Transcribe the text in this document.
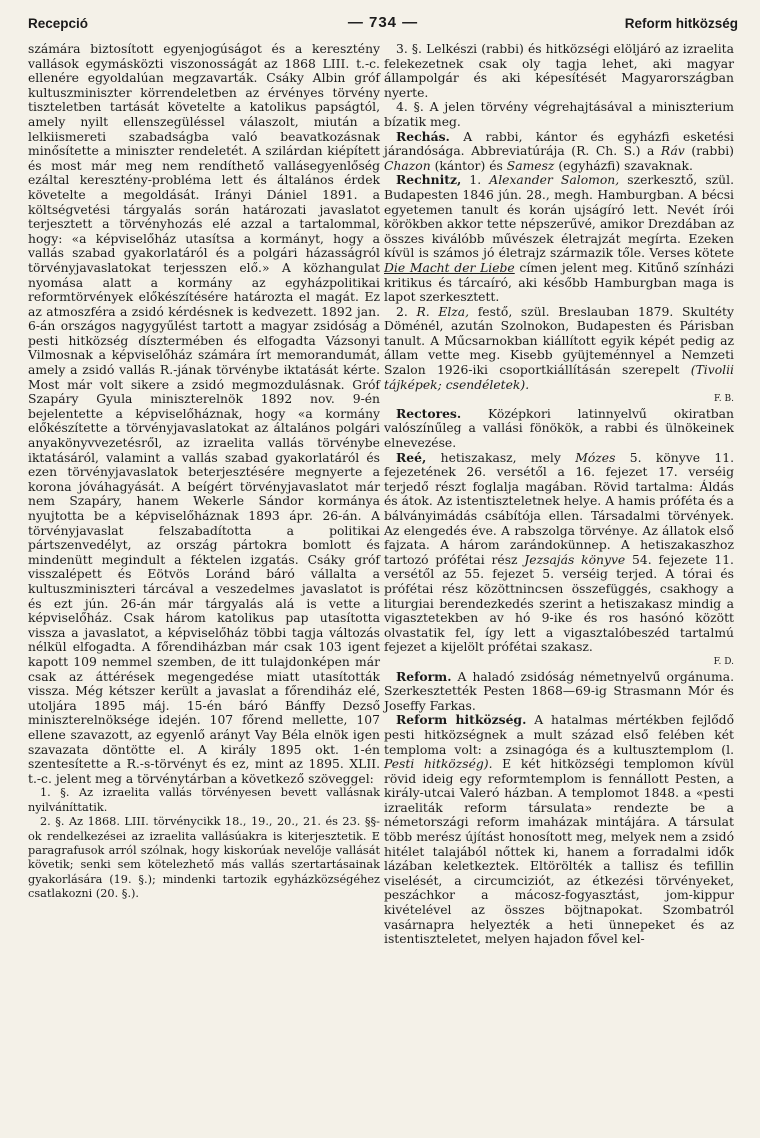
Recepció	— 734 —	Reform hitközség

számára biztosított egyenjogúságot és a keresztény vallások egymásközti viszonosságát az 1868 LIII. t.-c. ellenére egyoldalúan megzavarták. Csáky Albin gróf kultuszminiszter körrendeletben az érvényes törvény tiszteletben tartását követelte a katolikus papságtól, amely nyilt ellenszegüléssel válaszolt, miután a lelkiismereti szabadságba való beavatkozásnak minősítette a miniszter rendeletét. A szilárdan kiépített és most már meg nem rendíthető vallásegyenlőség ezáltal keresztény-probléma lett és általános érdek követelte a megoldását. Irányi Dániel 1891. a költségvetési tárgyalás során határozati javaslatot terjesztett a törvényhozás elé azzal a tartalommal, hogy: «a képviselőház utasítsa a kormányt, hogy a vallás szabad gyakorlatáról és a polgári házasságról törvényjavaslatokat terjesszen elő.» A közhangulat nyomása alatt a kormány az egyházpolitikai reformtörvények előkészítésére határozta el magát. Ez az atmoszféra a zsidó kérdésnek is kedvezett. 1892 jan. 6-án országos nagygyűlést tartott a magyar zsidóság a pesti hitközség dísztermében és elfogadta Vázsonyi Vilmosnak a képviselőház számára írt memorandumát, amely a zsidó vallás R.-jának törvénybe iktatását kérte. Most már volt sikere a zsidó megmozdulásnak. Gróf Szapáry Gyula miniszterelnök 1892 nov. 9-én bejelentette a képviselőháznak, hogy «a kormány előkészítette a törvényjavaslatokat az általános polgári anyakönyvvezetésről, az izraelita vallás törvénybe iktatásáról, valamint a vallás szabad gyakorlatáról és ezen törvényjavaslatok beterjesztésére megnyerte a korona jóváhagyását. A beígért törvényjavaslatot már nem Szapáry, hanem Wekerle Sándor kormánya nyujtotta be a képviselőháznak 1893 ápr. 26-án. A törvényjavaslat felszabadította a politikai pártszenvedélyt, az ország pártokra bomlott és mindenütt megindult a féktelen izgatás. Csáky gróf visszalépett és Eötvös Loránd báró vállalta a kultuszminiszteri tárcával a veszedelmes javaslatot is és ezt jún. 26-án már tárgyalás alá is vette a képviselőház. Csak három katolikus pap utasította vissza a javaslatot, a képviselőház többi tagja változás nélkül elfogadta. A főrendiházban már csak 103 igent kapott 109 nemmel szemben, de itt tulajdonképen már csak az áttérések megengedése miatt utasították vissza. Még kétszer került a javaslat a főrendiház elé, utoljára 1895 máj. 15-én báró Bánffy Dezső miniszterelnöksége idején. 107 főrend mellette, 107 ellene szavazott, az egyenlő arányt Vay Béla elnök igen szavazata döntötte el. A király 1895 okt. 1-én szentesítette a R.-s-törvényt és ez, mint az 1895. XLII. t.-c. jelent meg a törvénytárban a következő szöveggel:

1. §. Az izraelita vallás törvényesen bevett vallásnak nyilváníttatik.

2. §. Az 1868. LIII. törvénycikk 18., 19., 20., 21. és 23. §§-ok rendelkezései az izraelita vallásúakra is kiterjesztetik. E paragrafusok arról szólnak, hogy kiskorúak nevelője vallását követik; senki sem kötelezhető más vallás szertartásainak gyakorlására (19. §.); mindenki tartozik egyházközségéhez csatlakozni (20. §.).

3. §. Lelkészi (rabbi) és hitközségi elöljáró az izraelita felekezetnek csak oly tagja lehet, aki magyar állampolgár és aki képesítését Magyarországban nyerte.

4. §. A jelen törvény végrehajtásával a miniszterium bízatik meg.

Rechás. A rabbi, kántor és egyházfi esketési járandósága. Abbreviatúrája (R. Ch. S.) a Ráv (rabbi) Chazon (kántor) és Samesz (egyházfi) szavaknak.

Rechnitz, 1. Alexander Salomon, szerkesztő, szül. Budapesten 1846 jún. 28., megh. Hamburgban. A bécsi egyetemen tanult és korán ujságíró lett. Nevét írói körökben akkor tette népszerűvé, amikor Drezdában az összes kiválóbb művészek életrajzát megírta. Ezeken kívül is számos jó életrajz származik tőle. Verses kötete Die Macht der Liebe címen jelent meg. Kitűnő színházi kritikus és tárcaíró, aki később Hamburgban maga is lapot szerkesztett.

2. R. Elza, festő, szül. Breslauban 1879. Skultéty Döménél, azután Szolnokon, Budapesten és Párisban tanult. A Műcsarnokban kiállított egyik képét pedig az állam vette meg. Kisebb gyüjteménnyel a Nemzeti Szalon 1926-iki csoportkiállításán szerepelt (Tivolii tájképek; csendéletek).

F. B.

Rectores. Középkori latinnyelvű okiratban valószínűleg a vallási fönökök, a rabbi és ülnökeinek elnevezése.

Reé, hetiszakasz, mely Mózes 5. könyve 11. fejezetének 26. versétől a 16. fejezet 17. verséig terjedő részt foglalja magában. Rövid tartalma: Áldás és átok. Az istentiszteletnek helye. A hamis próféta és a bálványimádás csábítója ellen. Társadalmi törvények. Az elengedés éve. A rabszolga törvénye. Az állatok első fajzata. A három zarándokünnep. A hetiszakaszhoz tartozó prófétai rész Jezsajás könyve 54. fejezete 11. versétől az 55. fejezet 5. verséig terjed. A tórai és prófétai rész közöttnincsen összefüggés, csakhogy a liturgiai berendezkedés szerint a hetiszakasz mindig a vigasztetekben av hó 9-ike és ros hasónó között olvastatik fel, így lett a vigasztalóbeszéd tartalmú fejezet a kijelölt prófétai szakasz.

F. D.

Reform. A haladó zsidóság németnyelvű orgánuma. Szerkesztették Pesten 1868—69-ig Strasmann Mór és Joseffy Farkas.

Reform hitközség. A hatalmas mértékben fejlődő pesti hitközségnek a mult század első felében két temploma volt: a zsinagóga és a kultusztemplom (l. Pesti hitközség). E két hitközségi templomon kívül rövid ideig egy reformtemplom is fennállott Pesten, a király-utcai Valeró házban. A templomot 1848. a «pesti izraeliták reform társulata» rendezte be a németországi reform imaházak mintájára. A társulat több merész újítást honosított meg, melyek nem a zsidó hitélet talajából nőttek ki, hanem a forradalmi idők lázában keletkeztek. Eltörölték a tallisz és tefillin viselését, a circumciziót, az étkezési törvényeket, peszáchkor a mácosz-fogyasztást, jom-kippur kivételével az összes böjtnapokat. Szombatról vasárnapra helyezték a heti ünnepeket és az istentiszteletet, melyen hajadon fővel kel-
